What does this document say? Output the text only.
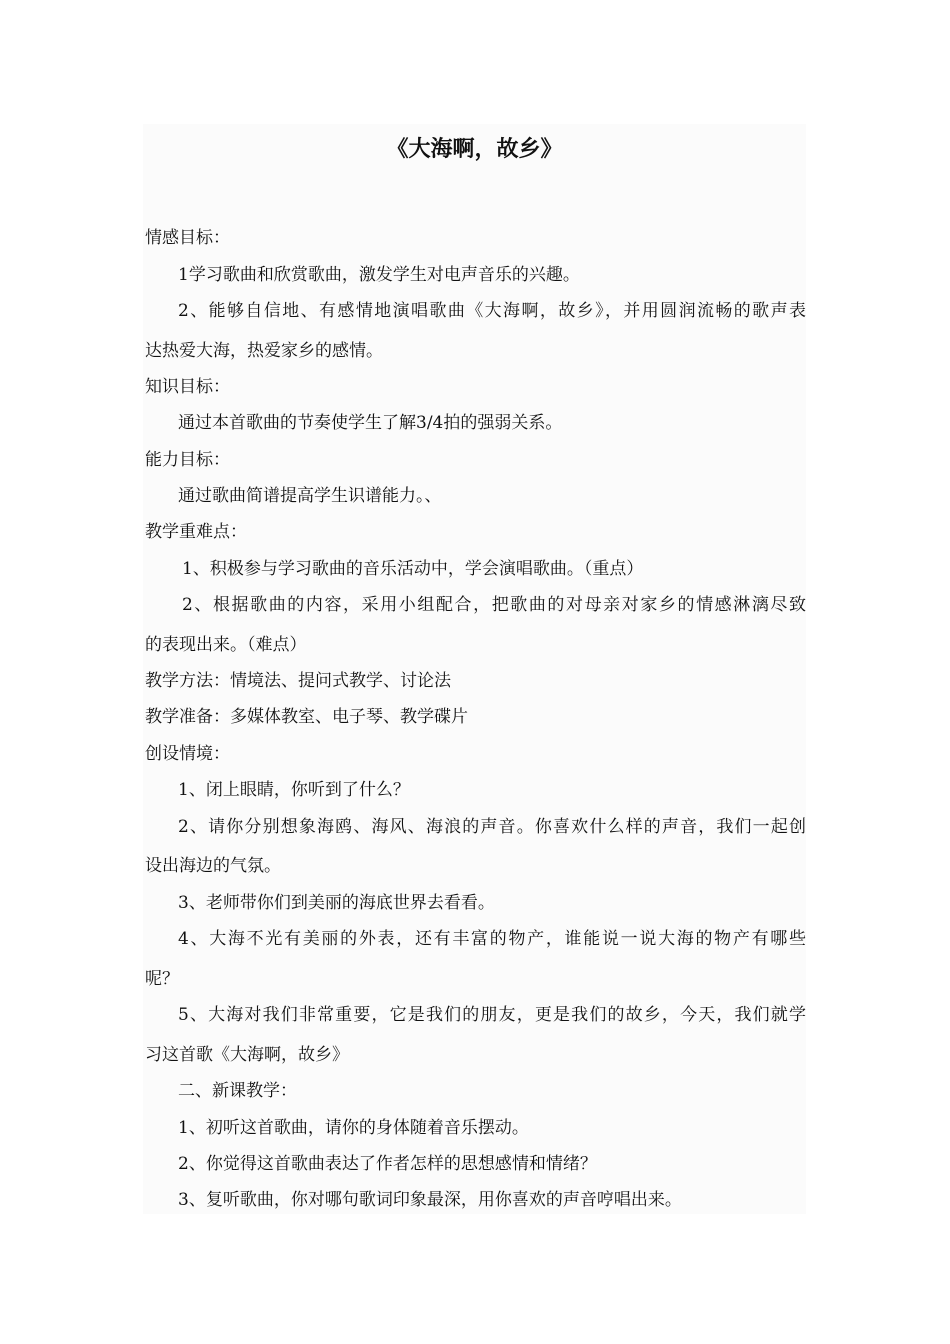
《大海啊，故乡》
情感目标：
1学习歌曲和欣赏歌曲，激发学生对电声音乐的兴趣。
2、能够自信地、有感情地演唱歌曲《大海啊，故乡》，并用圆润流畅的歌声表
达热爱大海，热爱家乡的感情。
知识目标：
通过本首歌曲的节奏使学生了解3/4拍的强弱关系。
能力目标：
通过歌曲简谱提高学生识谱能力。、
教学重难点：
1、积极参与学习歌曲的音乐活动中，学会演唱歌曲。（重点）
2、根据歌曲的内容，采用小组配合，把歌曲的对母亲对家乡的情感淋漓尽致
的表现出来。（难点）
教学方法：情境法、提问式教学、讨论法
教学准备：多媒体教室、电子琴、教学碟片
创设情境：
1、闭上眼睛，你听到了什么？
2、请你分别想象海鸥、海风、海浪的声音。你喜欢什么样的声音，我们一起创
设出海边的气氛。
3、老师带你们到美丽的海底世界去看看。
4、大海不光有美丽的外表，还有丰富的物产，谁能说一说大海的物产有哪些
呢？
5、大海对我们非常重要，它是我们的朋友，更是我们的故乡，今天，我们就学
习这首歌《大海啊，故乡》
二、新课教学：
1、初听这首歌曲，请你的身体随着音乐摆动。
2、你觉得这首歌曲表达了作者怎样的思想感情和情绪？
3、复听歌曲，你对哪句歌词印象最深，用你喜欢的声音哼唱出来。
